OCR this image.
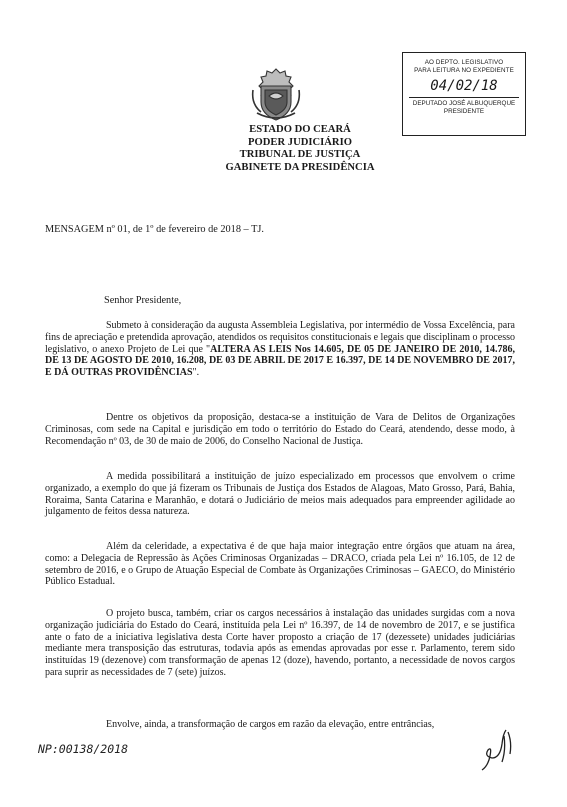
AO DEPTO. LEGISLATIVO
PARA LEITURA NO EXPEDIENTE
04/02/18
DEPUTADO JOSÉ ALBUQUERQUE
PRESIDENTE
ESTADO DO CEARÁ
PODER JUDICIÁRIO
TRIBUNAL DE JUSTIÇA
GABINETE DA PRESIDÊNCIA
MENSAGEM nº 01, de 1º de fevereiro de 2018 – TJ.
Senhor Presidente,

Submeto à consideração da augusta Assembleia Legislativa, por intermédio de Vossa Excelência, para fins de apreciação e pretendida aprovação, atendidos os requisitos constitucionais e legais que disciplinam o processo legislativo, o anexo Projeto de Lei que "ALTERA AS LEIS Nos 14.605, DE 05 DE JANEIRO DE 2010, 14.786, DE 13 DE AGOSTO DE 2010, 16.208, DE 03 DE ABRIL DE 2017 E 16.397, DE 14 DE NOVEMBRO DE 2017, E DÁ OUTRAS PROVIDÊNCIAS".

Dentre os objetivos da proposição, destaca-se a instituição de Vara de Delitos de Organizações Criminosas, com sede na Capital e jurisdição em todo o território do Estado do Ceará, atendendo, desse modo, à Recomendação nº 03, de 30 de maio de 2006, do Conselho Nacional de Justiça.

A medida possibilitará a instituição de juízo especializado em processos que envolvem o crime organizado, a exemplo do que já fizeram os Tribunais de Justiça dos Estados de Alagoas, Mato Grosso, Pará, Bahia, Roraima, Santa Catarina e Maranhão, e dotará o Judiciário de meios mais adequados para empreender agilidade ao julgamento de feitos dessa natureza.

Além da celeridade, a expectativa é de que haja maior integração entre órgãos que atuam na área, como: a Delegacia de Repressão às Ações Criminosas Organizadas – DRACO, criada pela Lei nº 16.105, de 12 de setembro de 2016, e o Grupo de Atuação Especial de Combate às Organizações Criminosas – GAECO, do Ministério Público Estadual.

O projeto busca, também, criar os cargos necessários à instalação das unidades surgidas com a nova organização judiciária do Estado do Ceará, instituída pela Lei nº 16.397, de 14 de novembro de 2017, e se justifica ante o fato de a iniciativa legislativa desta Corte haver proposto a criação de 17 (dezessete) unidades judiciárias mediante mera transposição das estruturas, todavia após as emendas aprovadas por esse r. Parlamento, terem sido instituídas 19 (dezenove) com transformação de apenas 12 (doze), havendo, portanto, a necessidade de novos cargos para suprir as necessidades de 7 (sete) juízos.

Envolve, ainda, a transformação de cargos em razão da elevação, entre entrâncias,

NP:00138/2018
